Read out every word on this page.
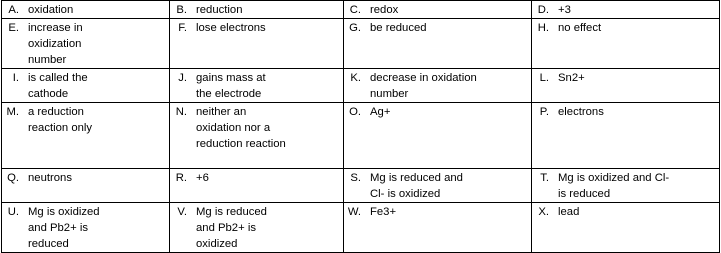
A. oxidation	B. reduction	C. redox	D. +3

E. increase in oxidization number	F. lose electrons	G. be reduced	H. no effect

I. is called the cathode	J. gains mass at the electrode	K. decrease in oxidation number	L. Sn2+

M. a reduction reaction only	N. neither an oxidation nor a reduction reaction	O. Ag+	P. electrons

Q. neutrons	R. +6	S. Mg is reduced and Cl- is oxidized	T. Mg is oxidized and Cl- is reduced

U. Mg is oxidized and Pb2+ is reduced	V. Mg is reduced and Pb2+ is oxidized	W. Fe3+	X. lead
